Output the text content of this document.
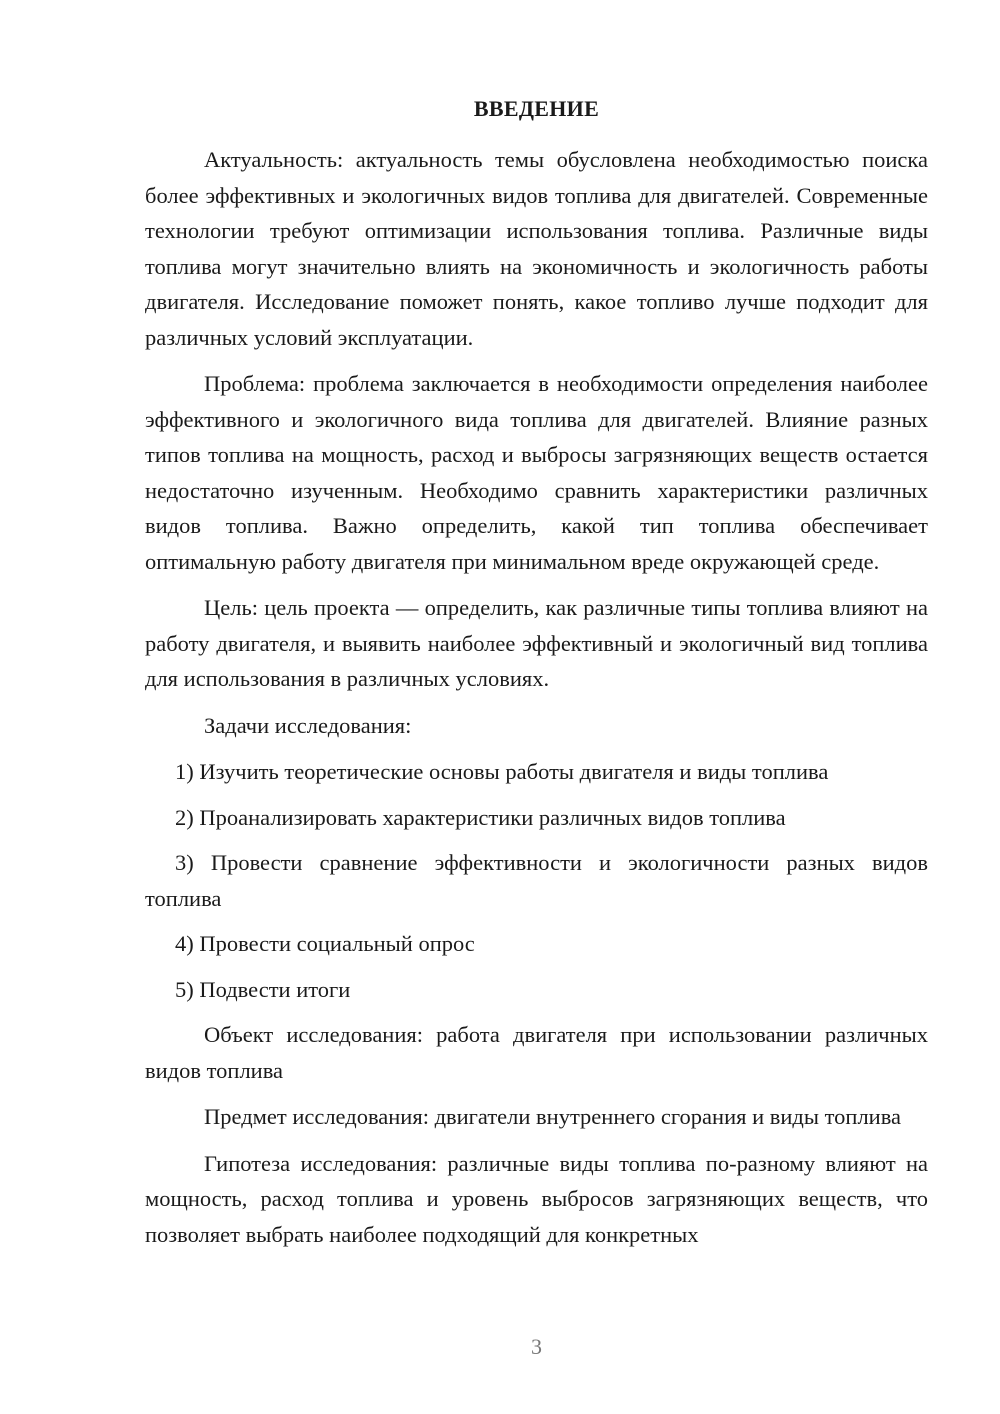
ВВЕДЕНИЕ

Актуальность: актуальность темы обусловлена необходимостью поиска более эффективных и экологичных видов топлива для двигателей. Современные технологии требуют оптимизации использования топлива. Различные виды топлива могут значительно влиять на экономичность и экологичность работы двигателя. Исследование поможет понять, какое топливо лучше подходит для различных условий эксплуатации.

Проблема: проблема заключается в необходимости определения наиболее эффективного и экологичного вида топлива для двигателей. Влияние разных типов топлива на мощность, расход и выбросы загрязняющих веществ остается недостаточно изученным. Необходимо сравнить характеристики различных видов топлива. Важно определить, какой тип топлива обеспечивает оптимальную работу двигателя при минимальном вреде окружающей среде.

Цель: цель проекта — определить, как различные типы топлива влияют на работу двигателя, и выявить наиболее эффективный и экологичный вид топлива для использования в различных условиях.

Задачи исследования:

1) Изучить теоретические основы работы двигателя и виды топлива

2) Проанализировать характеристики различных видов топлива

3) Провести сравнение эффективности и экологичности разных видов топлива

4) Провести социальный опрос

5) Подвести итоги

Объект исследования: работа двигателя при использовании различных видов топлива

Предмет исследования: двигатели внутреннего сгорания и виды топлива

Гипотеза исследования: различные виды топлива по-разному влияют на мощность, расход топлива и уровень выбросов загрязняющих веществ, что позволяет выбрать наиболее подходящий для конкретных

3
